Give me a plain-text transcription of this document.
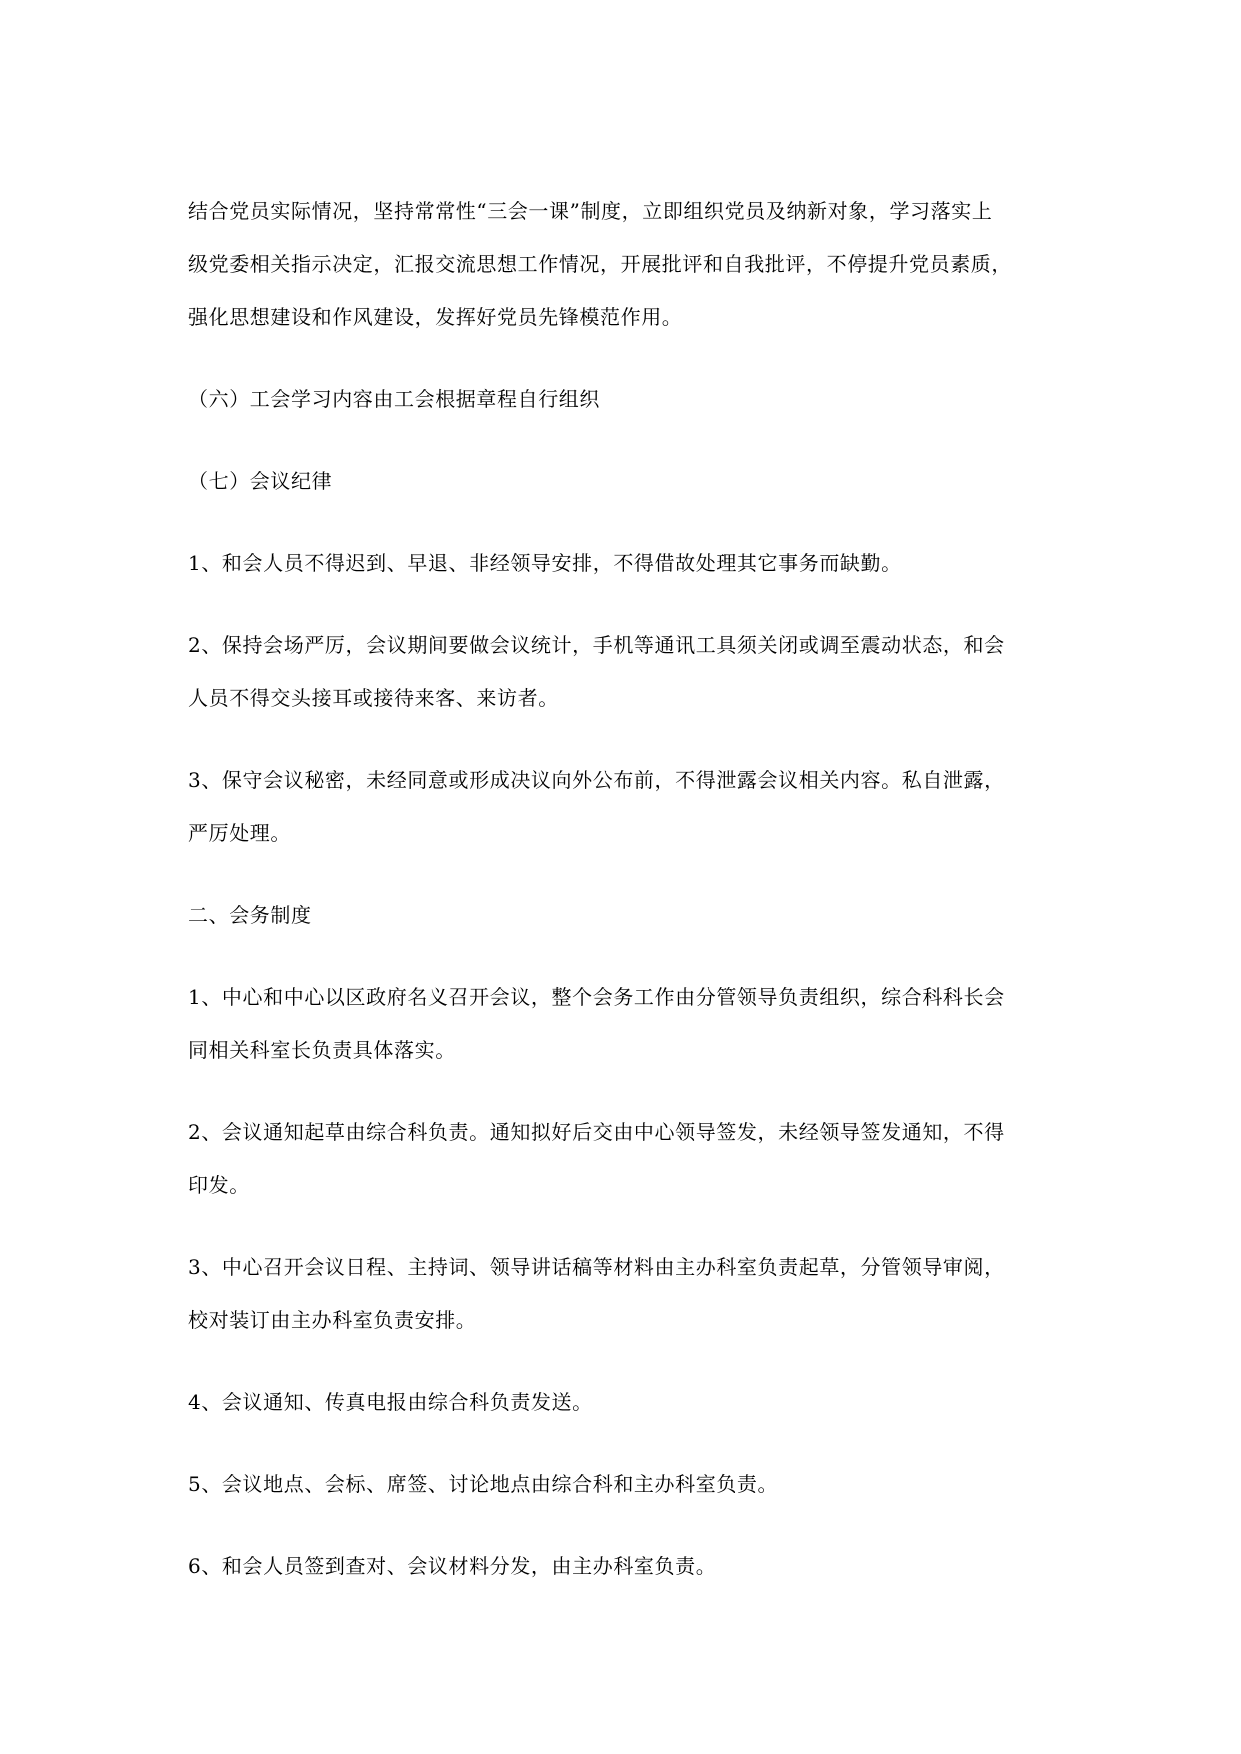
结合党员实际情况，坚持常常性“三会一课”制度，立即组织党员及纳新对象，学习落实上
级党委相关指示决定，汇报交流思想工作情况，开展批评和自我批评，不停提升党员素质，
强化思想建设和作风建设，发挥好党员先锋模范作用。
（六）工会学习内容由工会根据章程自行组织
（七）会议纪律
1、和会人员不得迟到、早退、非经领导安排，不得借故处理其它事务而缺勤。
2、保持会场严厉，会议期间要做会议统计，手机等通讯工具须关闭或调至震动状态，和会
人员不得交头接耳或接待来客、来访者。
3、保守会议秘密，未经同意或形成决议向外公布前，不得泄露会议相关内容。私自泄露，
严厉处理。
二、会务制度
1、中心和中心以区政府名义召开会议，整个会务工作由分管领导负责组织，综合科科长会
同相关科室长负责具体落实。
2、会议通知起草由综合科负责。通知拟好后交由中心领导签发，未经领导签发通知，不得
印发。
3、中心召开会议日程、主持词、领导讲话稿等材料由主办科室负责起草，分管领导审阅，
校对装订由主办科室负责安排。
4、会议通知、传真电报由综合科负责发送。
5、会议地点、会标、席签、讨论地点由综合科和主办科室负责。
6、和会人员签到查对、会议材料分发，由主办科室负责。
